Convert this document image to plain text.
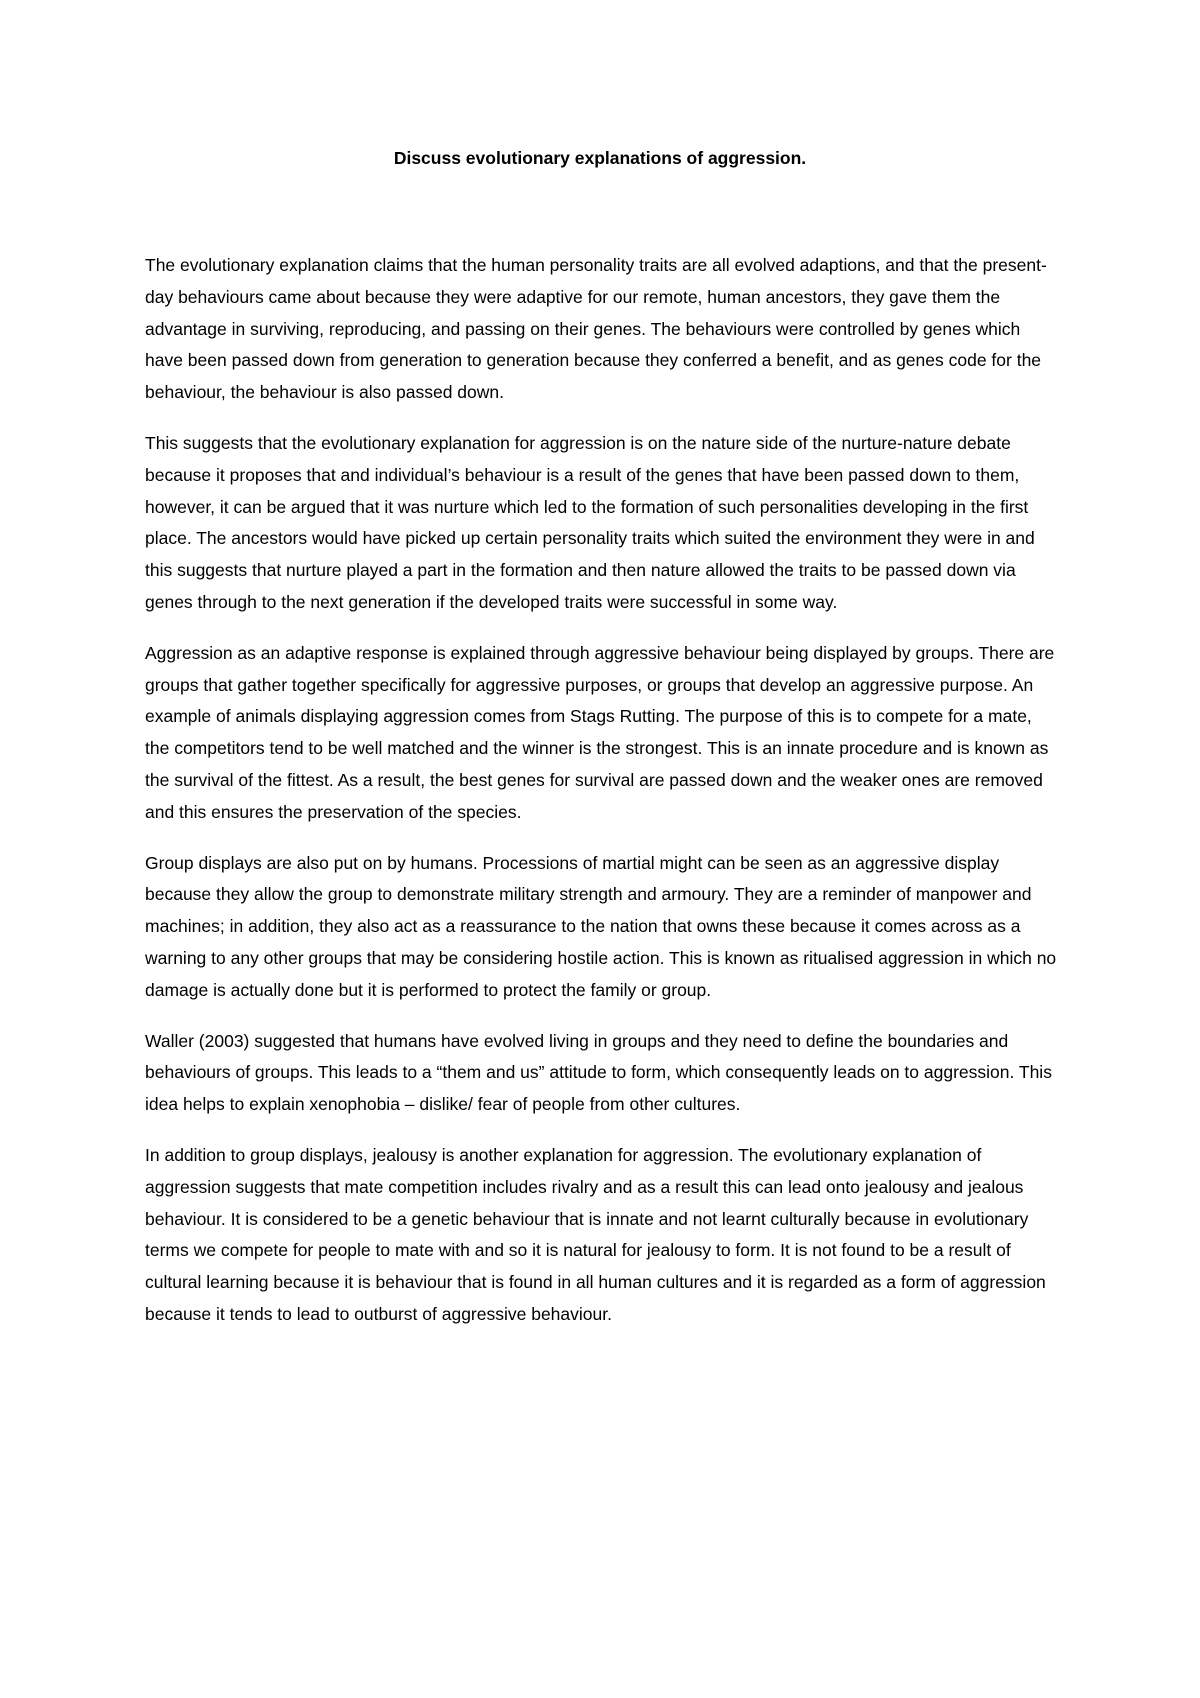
Discuss evolutionary explanations of aggression.

The evolutionary explanation claims that the human personality traits are all evolved adaptions, and that the present-day behaviours came about because they were adaptive for our remote, human ancestors, they gave them the advantage in surviving, reproducing, and passing on their genes. The behaviours were controlled by genes which have been passed down from generation to generation because they conferred a benefit, and as genes code for the behaviour, the behaviour is also passed down.

This suggests that the evolutionary explanation for aggression is on the nature side of the nurture-nature debate because it proposes that and individual’s behaviour is a result of the genes that have been passed down to them, however, it can be argued that it was nurture which led to the formation of such personalities developing in the first place. The ancestors would have picked up certain personality traits which suited the environment they were in and this suggests that nurture played a part in the formation and then nature allowed the traits to be passed down via genes through to the next generation if the developed traits were successful in some way.

Aggression as an adaptive response is explained through aggressive behaviour being displayed by groups. There are groups that gather together specifically for aggressive purposes, or groups that develop an aggressive purpose. An example of animals displaying aggression comes from Stags Rutting. The purpose of this is to compete for a mate, the competitors tend to be well matched and the winner is the strongest. This is an innate procedure and is known as the survival of the fittest. As a result, the best genes for survival are passed down and the weaker ones are removed and this ensures the preservation of the species.

Group displays are also put on by humans. Processions of martial might can be seen as an aggressive display because they allow the group to demonstrate military strength and armoury. They are a reminder of manpower and machines; in addition, they also act as a reassurance to the nation that owns these because it comes across as a warning to any other groups that may be considering hostile action. This is known as ritualised aggression in which no damage is actually done but it is performed to protect the family or group.

Waller (2003) suggested that humans have evolved living in groups and they need to define the boundaries and behaviours of groups. This leads to a “them and us” attitude to form, which consequently leads on to aggression. This idea helps to explain xenophobia – dislike/ fear of people from other cultures.

In addition to group displays, jealousy is another explanation for aggression. The evolutionary explanation of aggression suggests that mate competition includes rivalry and as a result this can lead onto jealousy and jealous behaviour. It is considered to be a genetic behaviour that is innate and not learnt culturally because in evolutionary terms we compete for people to mate with and so it is natural for jealousy to form. It is not found to be a result of cultural learning because it is behaviour that is found in all human cultures and it is regarded as a form of aggression because it tends to lead to outburst of aggressive behaviour.
